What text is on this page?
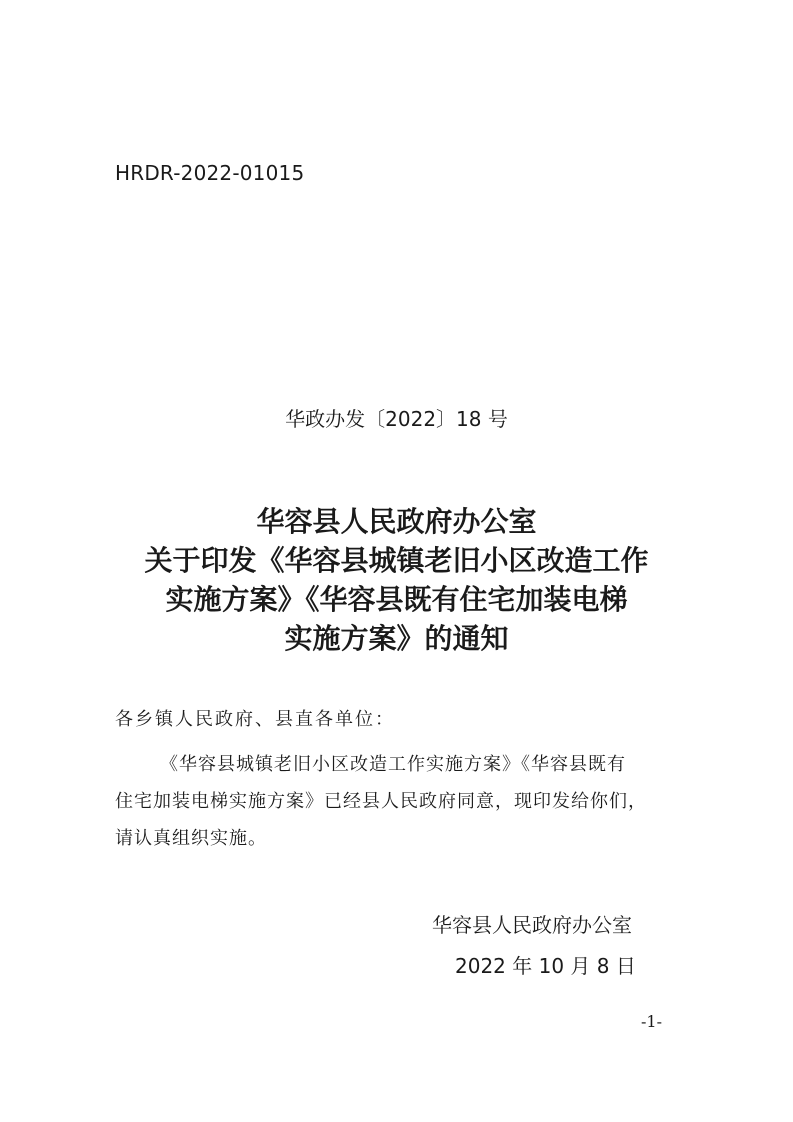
HRDR-2022-01015
华政办发〔2022〕18 号
华容县人民政府办公室
关于印发《华容县城镇老旧小区改造工作
实施方案》《华容县既有住宅加装电梯
实施方案》的通知
各乡镇人民政府、县直各单位：
《华容县城镇老旧小区改造工作实施方案》《华容县既有
住宅加装电梯实施方案》已经县人民政府同意，现印发给你们，
请认真组织实施。
华容县人民政府办公室
2022 年 10 月 8 日
-1-
